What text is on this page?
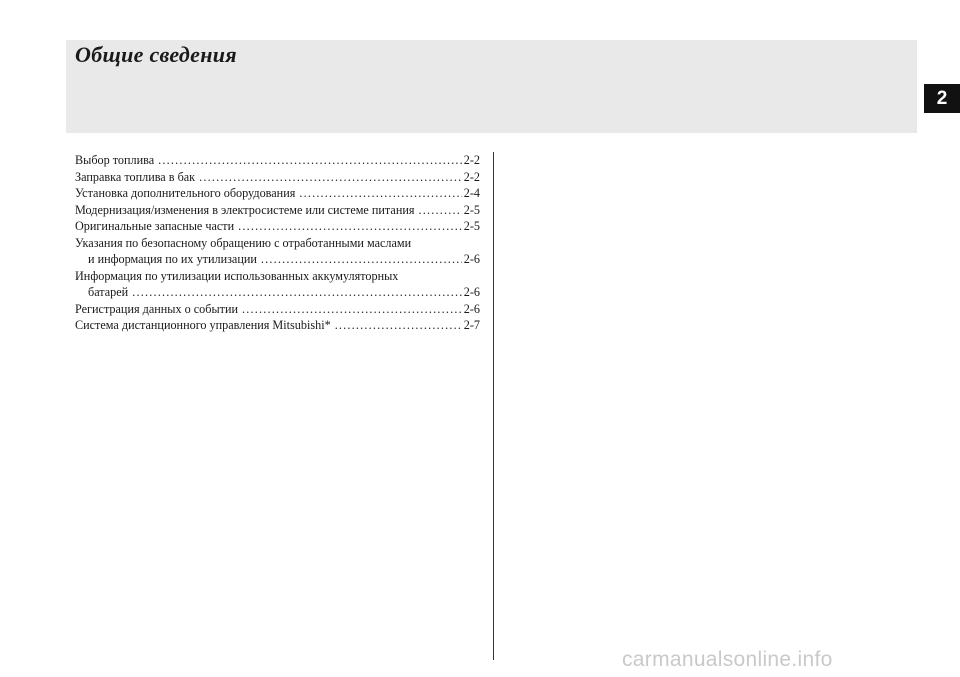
Общие сведения
2
Выбор топлива .....	2-2
Заправка топлива в бак .....	2-2
Установка дополнительного оборудования .....	2-4
Модернизация/изменения в электросистеме или системе питания .....	2-5
Оригинальные запасные части .....	2-5
Указания по безопасному обращению с отработанными маслами
и информация по их утилизации .....	2-6
Информация по утилизации использованных аккумуляторных
батарей .....	2-6
Регистрация данных о событии .....	2-6
Система дистанционного управления Mitsubishi* .....	2-7
carmanualsonline.info
